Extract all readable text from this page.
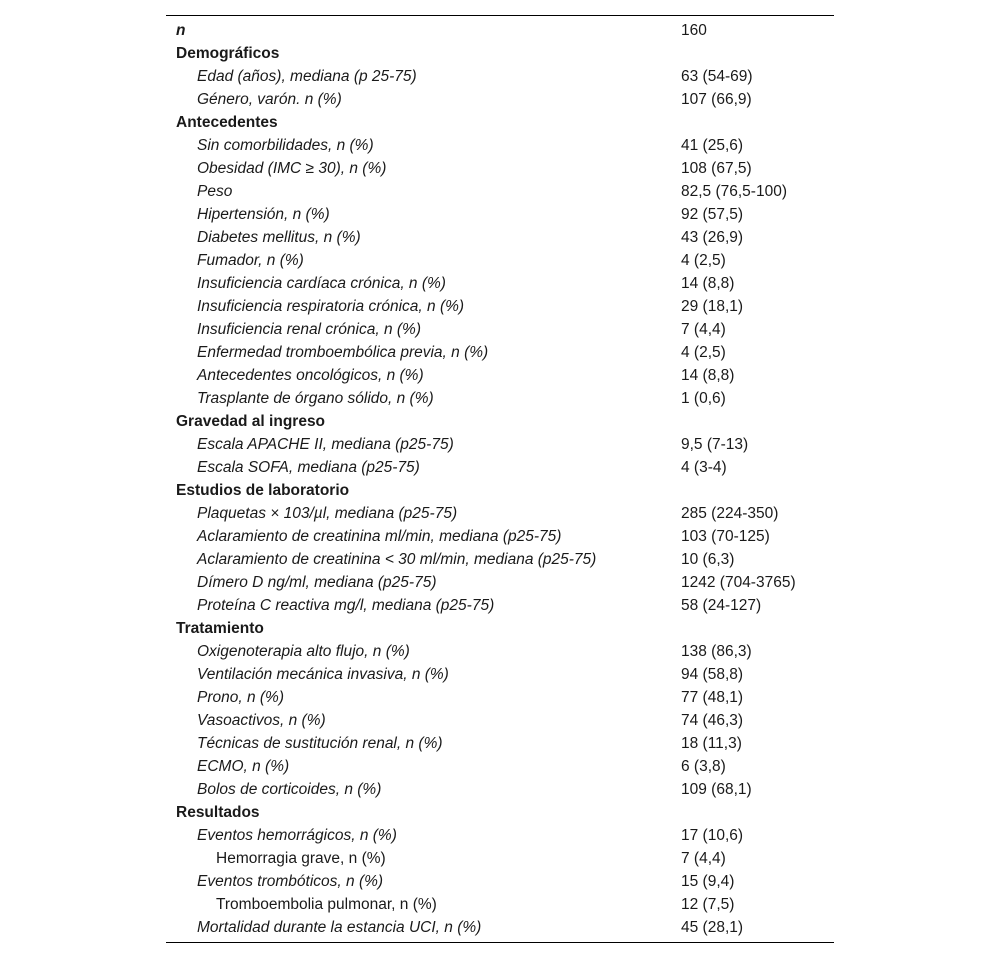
n	160
Demográficos
Edad (años), mediana (p 25-75)	63 (54-69)
Género, varón. n (%)	107 (66,9)
Antecedentes
Sin comorbilidades, n (%)	41 (25,6)
Obesidad (IMC ≥ 30), n (%)	108 (67,5)
Peso	82,5 (76,5-100)
Hipertensión, n (%)	92 (57,5)
Diabetes mellitus, n (%)	43 (26,9)
Fumador, n (%)	4 (2,5)
Insuficiencia cardíaca crónica, n (%)	14 (8,8)
Insuficiencia respiratoria crónica, n (%)	29 (18,1)
Insuficiencia renal crónica, n (%)	7 (4,4)
Enfermedad tromboembólica previa, n (%)	4 (2,5)
Antecedentes oncológicos, n (%)	14 (8,8)
Trasplante de órgano sólido, n (%)	1 (0,6)
Gravedad al ingreso
Escala APACHE II, mediana (p25-75)	9,5 (7-13)
Escala SOFA, mediana (p25-75)	4 (3-4)
Estudios de laboratorio
Plaquetas × 103/µl, mediana (p25-75)	285 (224-350)
Aclaramiento de creatinina ml/min, mediana (p25-75)	103 (70-125)
Aclaramiento de creatinina < 30 ml/min, mediana (p25-75)	10 (6,3)
Dímero D ng/ml, mediana (p25-75)	1242 (704-3765)
Proteína C reactiva mg/l, mediana (p25-75)	58 (24-127)
Tratamiento
Oxigenoterapia alto flujo, n (%)	138 (86,3)
Ventilación mecánica invasiva, n (%)	94 (58,8)
Prono, n (%)	77 (48,1)
Vasoactivos, n (%)	74 (46,3)
Técnicas de sustitución renal, n (%)	18 (11,3)
ECMO, n (%)	6 (3,8)
Bolos de corticoides, n (%)	109 (68,1)
Resultados
Eventos hemorrágicos, n (%)	17 (10,6)
Hemorragia grave, n (%)	7 (4,4)
Eventos trombóticos, n (%)	15 (9,4)
Tromboembolia pulmonar, n (%)	12 (7,5)
Mortalidad durante la estancia UCI, n (%)	45 (28,1)
